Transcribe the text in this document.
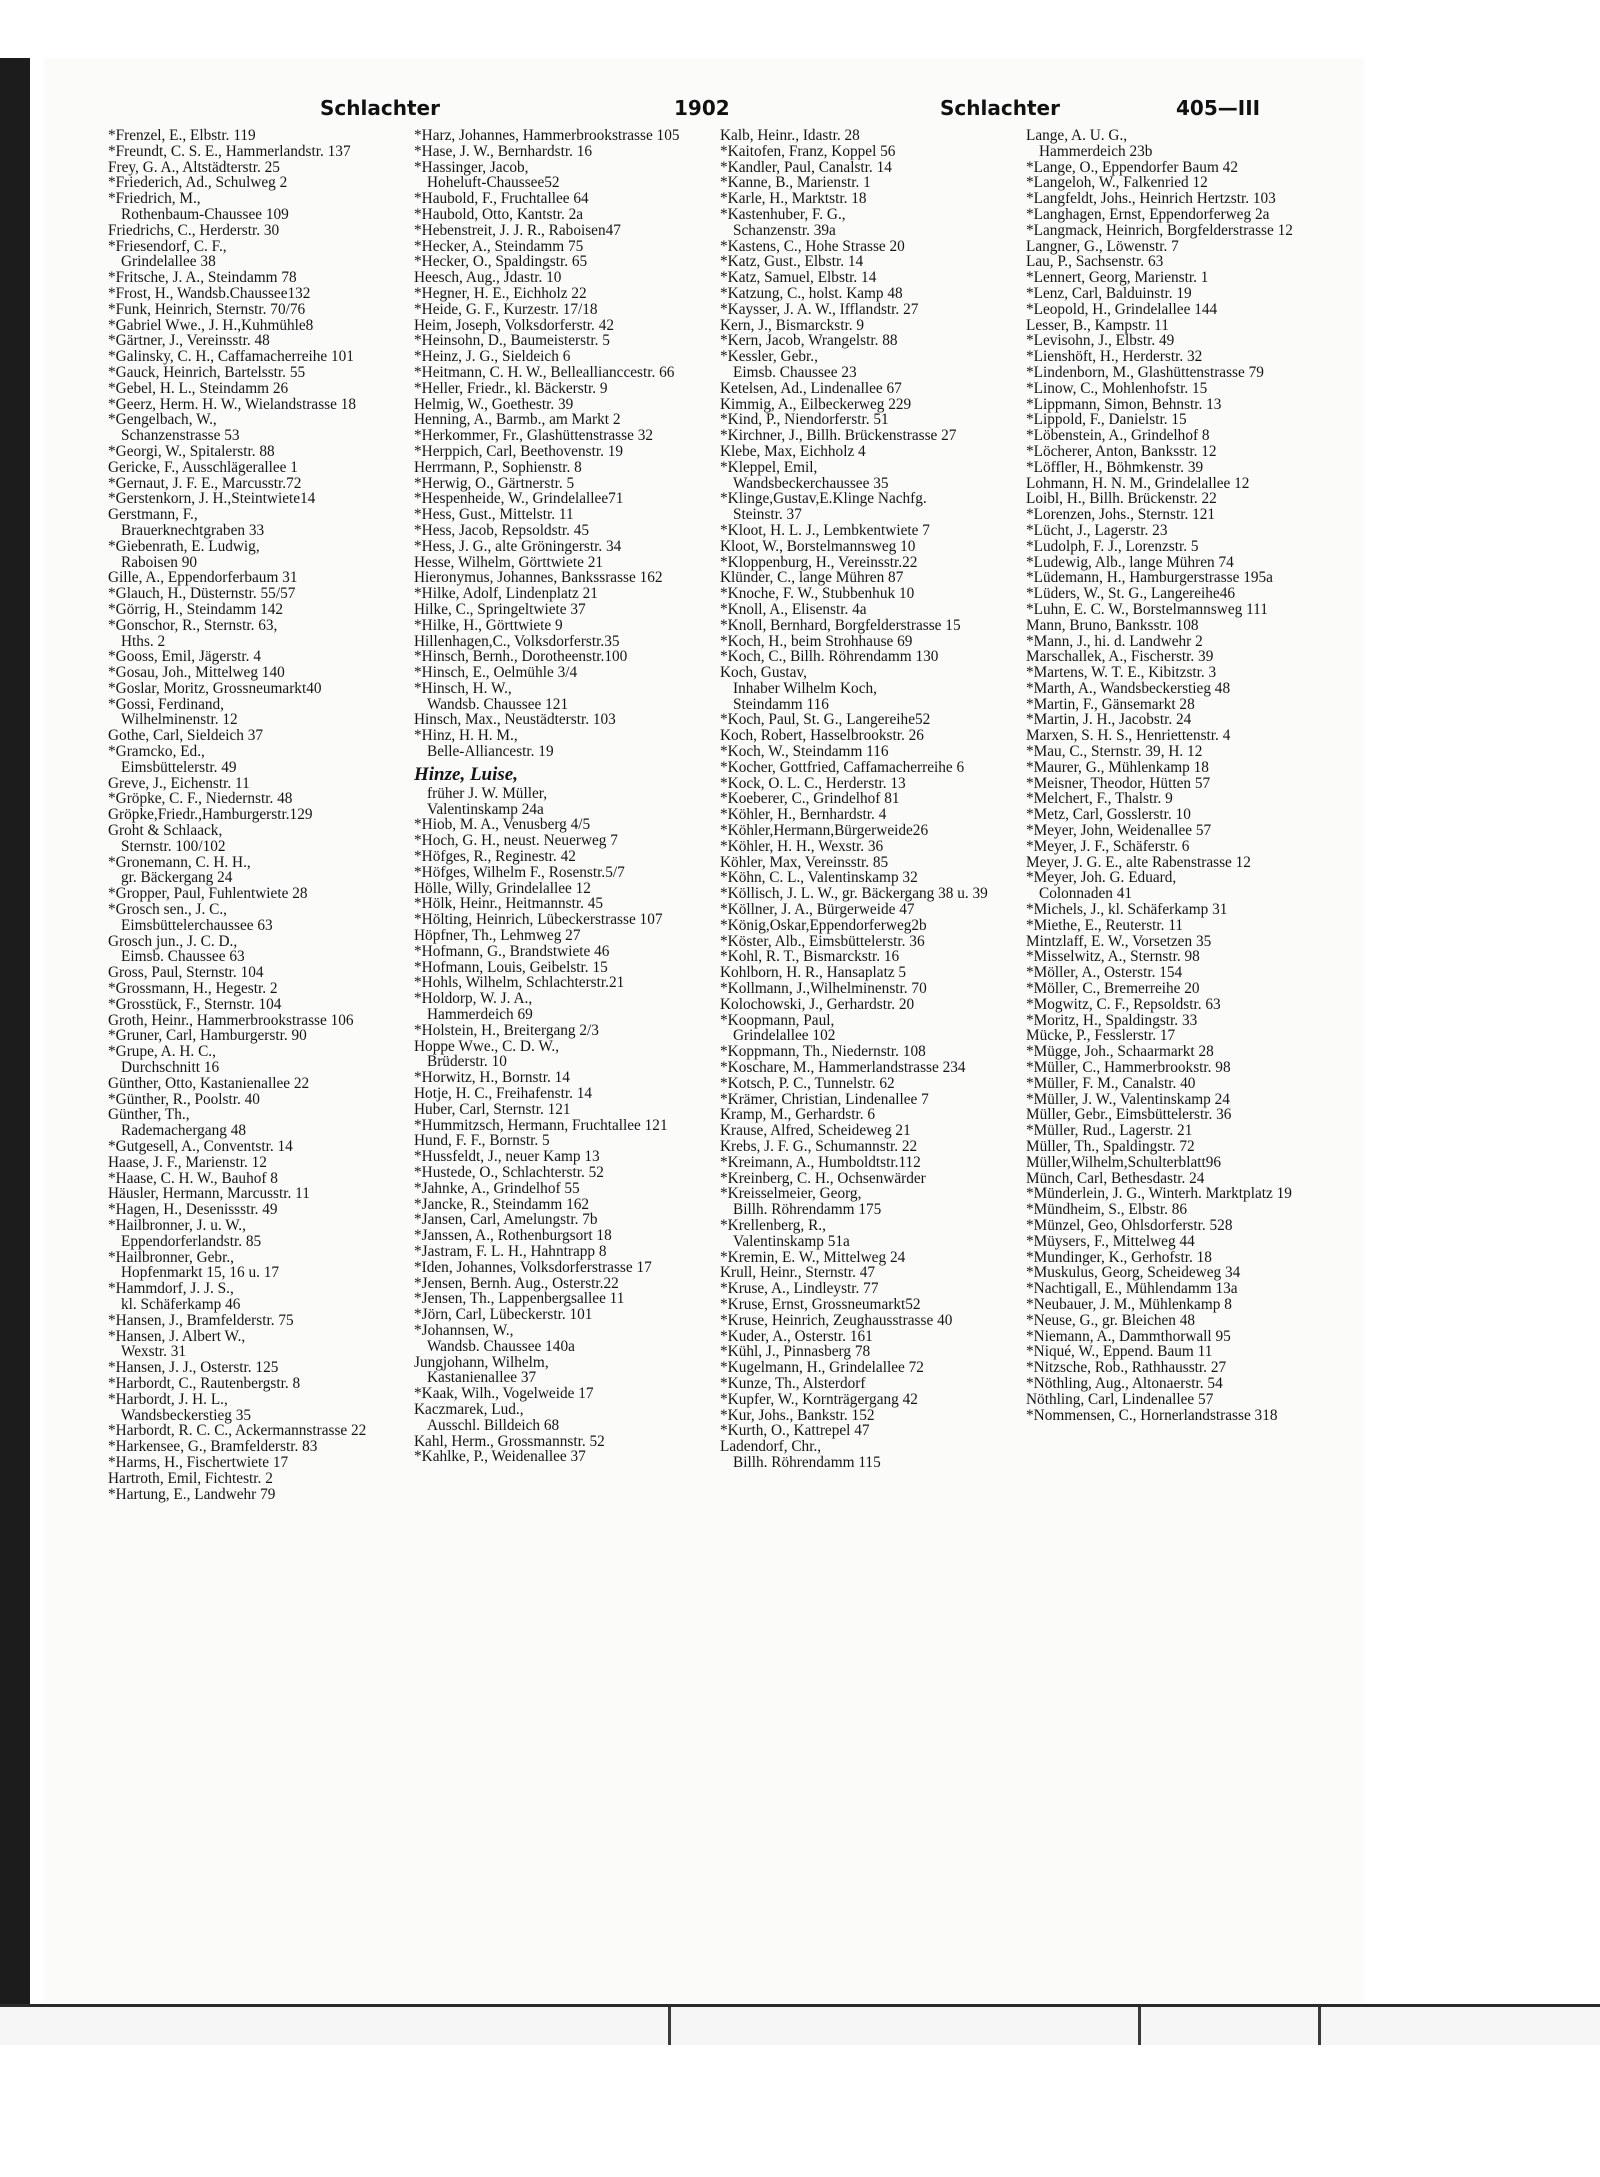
Schlachter	1902	Schlachter	405—III

*Frenzel, E., Elbstr. 119

*Freundt, C. S. E., Hammerlandstr. 137

Frey, G. A., Altstädterstr. 25

*Friederich, Ad., Schulweg 2

*Friedrich, M.,
Rothenbaum-Chaussee 109

Friedrichs, C., Herderstr. 30

*Friesendorf, C. F.,
Grindelallee 38

*Fritsche, J. A., Steindamm 78

*Frost, H., Wandsb.Chaussee132

*Funk, Heinrich, Sternstr. 70/76

*Gabriel Wwe., J. H.,Kuhmühle8

*Gärtner, J., Vereinsstr. 48

*Galinsky, C. H., Caffamacherreihe 101

*Gauck, Heinrich, Bartelsstr. 55

*Gebel, H. L., Steindamm 26

*Geerz, Herm. H. W., Wielandstrasse 18

*Gengelbach, W.,
Schanzenstrasse 53

*Georgi, W., Spitalerstr. 88

Gericke, F., Ausschlägerallee 1

*Gernaut, J. F. E., Marcusstr.72

*Gerstenkorn, J. H.,Steintwiete14

Gerstmann, F.,
Brauerknechtgraben 33

*Giebenrath, E. Ludwig,
Raboisen 90

Gille, A., Eppendorferbaum 31

*Glauch, H., Düsternstr. 55/57

*Görrig, H., Steindamm 142

*Gonschor, R., Sternstr. 63,
Hths. 2

*Gooss, Emil, Jägerstr. 4

*Gosau, Joh., Mittelweg 140

*Goslar, Moritz, Grossneumarkt40

*Gossi, Ferdinand,
Wilhelminenstr. 12

Gothe, Carl, Sieldeich 37

*Gramcko, Ed.,
Eimsbüttelerstr. 49

Greve, J., Eichenstr. 11

*Gröpke, C. F., Niedernstr. 48

Gröpke,Friedr.,Hamburgerstr.129

Groht & Schlaack,
Sternstr. 100/102

*Gronemann, C. H. H.,
gr. Bäckergang 24

*Gropper, Paul, Fuhlentwiete 28

*Grosch sen., J. C.,
Eimsbüttelerchaussee 63

Grosch jun., J. C. D.,
Eimsb. Chaussee 63

Gross, Paul, Sternstr. 104

*Grossmann, H., Hegestr. 2

*Grosstück, F., Sternstr. 104

Groth, Heinr., Hammerbrookstrasse 106

*Gruner, Carl, Hamburgerstr. 90

*Grupe, A. H. C.,
Durchschnitt 16

Günther, Otto, Kastanienallee 22

*Günther, R., Poolstr. 40

Günther, Th.,
Rademachergang 48

*Gutgesell, A., Conventstr. 14

Haase, J. F., Marienstr. 12

*Haase, C. H. W., Bauhof 8

Häusler, Hermann, Marcusstr. 11

*Hagen, H., Desenissstr. 49

*Hailbronner, J. u. W.,
Eppendorferlandstr. 85

*Hailbronner, Gebr.,
Hopfenmarkt 15, 16 u. 17

*Hammdorf, J. J. S.,
kl. Schäferkamp 46

*Hansen, J., Bramfelderstr. 75

*Hansen, J. Albert W.,
Wexstr. 31

*Hansen, J. J., Osterstr. 125

*Harbordt, C., Rautenbergstr. 8

*Harbordt, J. H. L.,
Wandsbeckerstieg 35

*Harbordt, R. C. C., Ackermannstrasse 22

*Harkensee, G., Bramfelderstr. 83

*Harms, H., Fischertwiete 17

Hartroth, Emil, Fichtestr. 2

*Hartung, E., Landwehr 79

*Harz, Johannes, Hammerbrookstrasse 105

*Hase, J. W., Bernhardstr. 16

*Hassinger, Jacob,
Hoheluft-Chaussee52

*Haubold, F., Fruchtallee 64

*Haubold, Otto, Kantstr. 2a

*Hebenstreit, J. J. R., Raboisen47

*Hecker, A., Steindamm 75

*Hecker, O., Spaldingstr. 65

Heesch, Aug., Jdastr. 10

*Hegner, H. E., Eichholz 22

*Heide, G. F., Kurzestr. 17/18

Heim, Joseph, Volksdorferstr. 42

*Heinsohn, D., Baumeisterstr. 5

*Heinz, J. G., Sieldeich 6

*Heitmann, C. H. W., Belleallianccestr. 66

*Heller, Friedr., kl. Bäckerstr. 9

Helmig, W., Goethestr. 39

Henning, A., Barmb., am Markt 2

*Herkommer, Fr., Glashüttenstrasse 32

*Herppich, Carl, Beethovenstr. 19

Herrmann, P., Sophienstr. 8

*Herwig, O., Gärtnerstr. 5

*Hespenheide, W., Grindelallee71

*Hess, Gust., Mittelstr. 11

*Hess, Jacob, Repsoldstr. 45

*Hess, J. G., alte Gröningerstr. 34

Hesse, Wilhelm, Görttwiete 21

Hieronymus, Johannes, Bankssrasse 162

*Hilke, Adolf, Lindenplatz 21

Hilke, C., Springeltwiete 37

*Hilke, H., Görttwiete 9

Hillenhagen,C., Volksdorferstr.35

*Hinsch, Bernh., Dorotheenstr.100

*Hinsch, E., Oelmühle 3/4

*Hinsch, H. W.,
Wandsb. Chaussee 121

Hinsch, Max., Neustädterstr. 103

*Hinz, H. H. M.,
Belle-Alliancestr. 19

Hinze, Luise,

früher J. W. Müller,
Valentinskamp 24a

*Hiob, M. A., Venusberg 4/5

*Hoch, G. H., neust. Neuerweg 7

*Höfges, R., Reginestr. 42

*Höfges, Wilhelm F., Rosenstr.5/7

Hölle, Willy, Grindelallee 12

*Hölk, Heinr., Heitmannstr. 45

*Hölting, Heinrich, Lübeckerstrasse 107

Höpfner, Th., Lehmweg 27

*Hofmann, G., Brandstwiete 46

*Hofmann, Louis, Geibelstr. 15

*Hohls, Wilhelm, Schlachterstr.21

*Holdorp, W. J. A.,
Hammerdeich 69

*Holstein, H., Breitergang 2/3

Hoppe Wwe., C. D. W.,
Brüderstr. 10

*Horwitz, H., Bornstr. 14

Hotje, H. C., Freihafenstr. 14

Huber, Carl, Sternstr. 121

*Hummitzsch, Hermann, Fruchtallee 121

Hund, F. F., Bornstr. 5

*Hussfeldt, J., neuer Kamp 13

*Hustede, O., Schlachterstr. 52

*Jahnke, A., Grindelhof 55

*Jancke, R., Steindamm 162

*Jansen, Carl, Amelungstr. 7b

*Janssen, A., Rothenburgsort 18

*Jastram, F. L. H., Hahntrapp 8

*Iden, Johannes, Volksdorferstrasse 17

*Jensen, Bernh. Aug., Osterstr.22

*Jensen, Th., Lappenbergsallee 11

*Jörn, Carl, Lübeckerstr. 101

*Johannsen, W.,
Wandsb. Chaussee 140a

Jungjohann, Wilhelm,
Kastanienallee 37

*Kaak, Wilh., Vogelweide 17

Kaczmarek, Lud.,
Ausschl. Billdeich 68

Kahl, Herm., Grossmannstr. 52

*Kahlke, P., Weidenallee 37

Kalb, Heinr., Idastr. 28

*Kaitofen, Franz, Koppel 56

*Kandler, Paul, Canalstr. 14

*Kanne, B., Marienstr. 1

*Karle, H., Marktstr. 18

*Kastenhuber, F. G.,
Schanzenstr. 39a

*Kastens, C., Hohe Strasse 20

*Katz, Gust., Elbstr. 14

*Katz, Samuel, Elbstr. 14

*Katzung, C., holst. Kamp 48

*Kaysser, J. A. W., Ifflandstr. 27

Kern, J., Bismarckstr. 9

*Kern, Jacob, Wrangelstr. 88

*Kessler, Gebr.,
Eimsb. Chaussee 23

Ketelsen, Ad., Lindenallee 67

Kimmig, A., Eilbeckerweg 229

*Kind, P., Niendorferstr. 51

*Kirchner, J., Billh. Brückenstrasse 27

Klebe, Max, Eichholz 4

*Kleppel, Emil,
Wandsbeckerchaussee 35

*Klinge,Gustav,E.Klinge Nachfg.
Steinstr. 37

*Kloot, H. L. J., Lembkentwiete 7

Kloot, W., Borstelmannsweg 10

*Kloppenburg, H., Vereinsstr.22

Klünder, C., lange Mühren 87

*Knoche, F. W., Stubbenhuk 10

*Knoll, A., Elisenstr. 4a

*Knoll, Bernhard, Borgfelderstrasse 15

*Koch, H., beim Strohhause 69

*Koch, C., Billh. Röhrendamm 130

Koch, Gustav,
Inhaber Wilhelm Koch,
Steindamm 116

*Koch, Paul, St. G., Langereihe52

Koch, Robert, Hasselbrookstr. 26

*Koch, W., Steindamm 116

*Kocher, Gottfried, Caffamacherreihe 6

*Kock, O. L. C., Herderstr. 13

*Koeberer, C., Grindelhof 81

*Köhler, H., Bernhardstr. 4

*Köhler,Hermann,Bürgerweide26

*Köhler, H. H., Wexstr. 36

Köhler, Max, Vereinsstr. 85

*Köhn, C. L., Valentinskamp 32

*Köllisch, J. L. W., gr. Bäckergang 38 u. 39

*Köllner, J. A., Bürgerweide 47

*König,Oskar,Eppendorferweg2b

*Köster, Alb., Eimsbüttelerstr. 36

*Kohl, R. T., Bismarckstr. 16

Kohlborn, H. R., Hansaplatz 5

*Kollmann, J.,Wilhelminenstr. 70

Kolochowski, J., Gerhardstr. 20

*Koopmann, Paul,
Grindelallee 102

*Koppmann, Th., Niedernstr. 108

*Koschare, M., Hammerlandstrasse 234

*Kotsch, P. C., Tunnelstr. 62

*Krämer, Christian, Lindenallee 7

Kramp, M., Gerhardstr. 6

Krause, Alfred, Scheideweg 21

Krebs, J. F. G., Schumannstr. 22

*Kreimann, A., Humboldtstr.112

*Kreinberg, C. H., Ochsenwärder

*Kreisselmeier, Georg,
Billh. Röhrendamm 175

*Krellenberg, R.,
Valentinskamp 51a

*Kremin, E. W., Mittelweg 24

Krull, Heinr., Sternstr. 47

*Kruse, A., Lindleystr. 77

*Kruse, Ernst, Grossneumarkt52

*Kruse, Heinrich, Zeughausstrasse 40

*Kuder, A., Osterstr. 161

*Kühl, J., Pinnasberg 78

*Kugelmann, H., Grindelallee 72

*Kunze, Th., Alsterdorf

*Kupfer, W., Kornträgergang 42

*Kur, Johs., Bankstr. 152

*Kurth, O., Kattrepel 47

Ladendorf, Chr.,
Billh. Röhrendamm 115

Lange, A. U. G.,
Hammerdeich 23b

*Lange, O., Eppendorfer Baum 42

*Langeloh, W., Falkenried 12

*Langfeldt, Johs., Heinrich Hertzstr. 103

*Langhagen, Ernst, Eppendorferweg 2a

*Langmack, Heinrich, Borgfelderstrasse 12

Langner, G., Löwenstr. 7

Lau, P., Sachsenstr. 63

*Lennert, Georg, Marienstr. 1

*Lenz, Carl, Balduinstr. 19

*Leopold, H., Grindelallee 144

Lesser, B., Kampstr. 11

*Levisohn, J., Elbstr. 49

*Lienshöft, H., Herderstr. 32

*Lindenborn, M., Glashüttenstrasse 79

*Linow, C., Mohlenhofstr. 15

*Lippmann, Simon, Behnstr. 13

*Lippold, F., Danielstr. 15

*Löbenstein, A., Grindelhof 8

*Löcherer, Anton, Banksstr. 12

*Löffler, H., Böhmkenstr. 39

Lohmann, H. N. M., Grindelallee 12

Loibl, H., Billh. Brückenstr. 22

*Lorenzen, Johs., Sternstr. 121

*Lücht, J., Lagerstr. 23

*Ludolph, F. J., Lorenzstr. 5

*Ludewig, Alb., lange Mühren 74

*Lüdemann, H., Hamburgerstrasse 195a

*Lüders, W., St. G., Langereihe46

*Luhn, E. C. W., Borstelmannsweg 111

Mann, Bruno, Banksstr. 108

*Mann, J., hi. d. Landwehr 2

Marschallek, A., Fischerstr. 39

*Martens, W. T. E., Kibitzstr. 3

*Marth, A., Wandsbeckerstieg 48

*Martin, F., Gänsemarkt 28

*Martin, J. H., Jacobstr. 24

Marxen, S. H. S., Henriettenstr. 4

*Mau, C., Sternstr. 39, H. 12

*Maurer, G., Mühlenkamp 18

*Meisner, Theodor, Hütten 57

*Melchert, F., Thalstr. 9

*Metz, Carl, Gosslerstr. 10

*Meyer, John, Weidenallee 57

*Meyer, J. F., Schäferstr. 6

Meyer, J. G. E., alte Rabenstrasse 12

*Meyer, Joh. G. Eduard,
Colonnaden 41

*Michels, J., kl. Schäferkamp 31

*Miethe, E., Reuterstr. 11

Mintzlaff, E. W., Vorsetzen 35

*Misselwitz, A., Sternstr. 98

*Möller, A., Osterstr. 154

*Möller, C., Bremerreihe 20

*Mogwitz, C. F., Repsoldstr. 63

*Moritz, H., Spaldingstr. 33

Mücke, P., Fesslerstr. 17

*Mügge, Joh., Schaarmarkt 28

*Müller, C., Hammerbrookstr. 98

*Müller, F. M., Canalstr. 40

*Müller, J. W., Valentinskamp 24

Müller, Gebr., Eimsbüttelerstr. 36

*Müller, Rud., Lagerstr. 21

Müller, Th., Spaldingstr. 72

Müller,Wilhelm,Schulterblatt96

Münch, Carl, Bethesdastr. 24

*Münderlein, J. G., Winterh. Marktplatz 19

*Mündheim, S., Elbstr. 86

*Münzel, Geo, Ohlsdorferstr. 528

*Müysers, F., Mittelweg 44

*Mundinger, K., Gerhofstr. 18

*Muskulus, Georg, Scheideweg 34

*Nachtigall, E., Mühlendamm 13a

*Neubauer, J. M., Mühlenkamp 8

*Neuse, G., gr. Bleichen 48

*Niemann, A., Dammthorwall 95

*Niqué, W., Eppend. Baum 11

*Nitzsche, Rob., Rathhausstr. 27

*Nöthling, Aug., Altonaerstr. 54

Nöthling, Carl, Lindenallee 57

*Nommensen, C., Hornerlandstrasse 318
